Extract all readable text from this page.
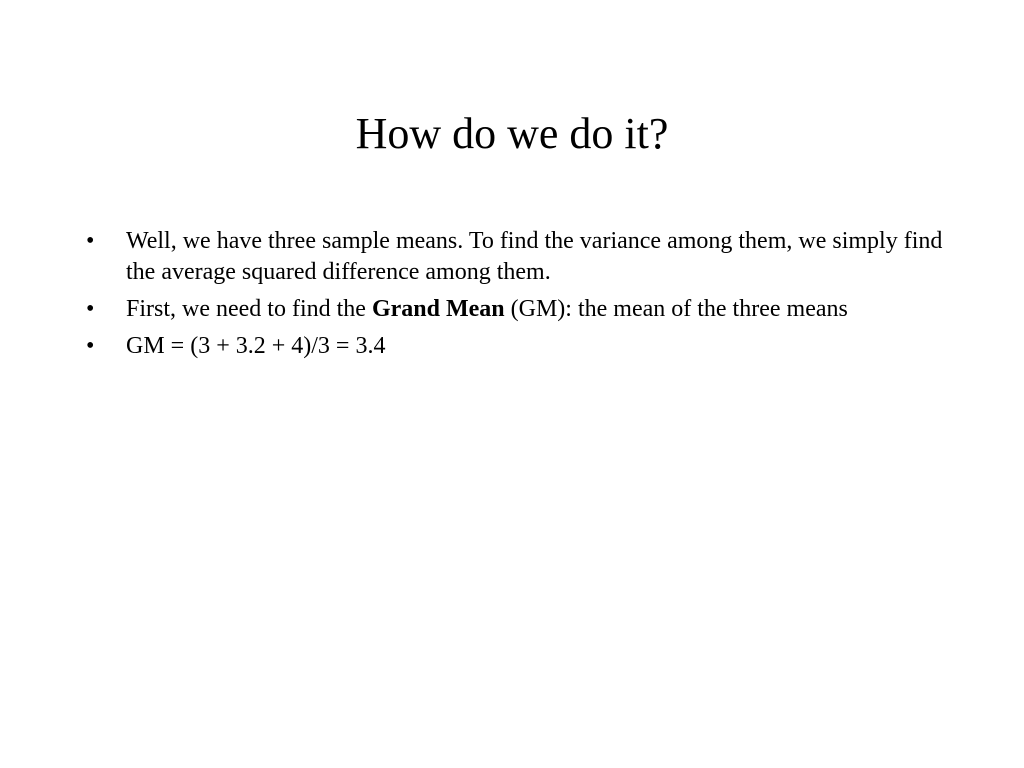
How do we do it?
•	Well, we have three sample means. To find the variance among them, we simply find the average squared difference among them.
•	First, we need to find the Grand Mean (GM): the mean of the three means
•	GM = (3 + 3.2 + 4)/3 = 3.4
